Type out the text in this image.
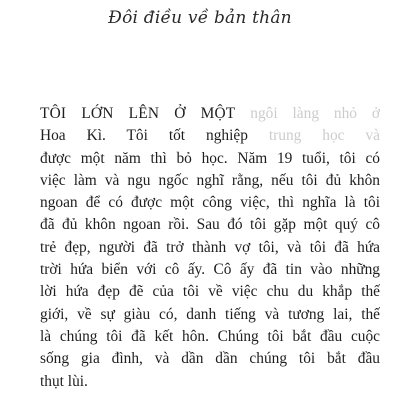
Đôi điều về bản thân
TÔI LỚN LÊN Ở MỘT ngôi làng nhỏ ở
Hoa Kì. Tôi tốt nghiệp trung học và
được một năm thì bỏ học. Năm 19 tuổi, tôi có
việc làm và ngu ngốc nghĩ rằng, nếu tôi đủ khôn
ngoan để có được một công việc, thì nghĩa là tôi
đã đủ khôn ngoan rồi. Sau đó tôi gặp một quý cô
trẻ đẹp, người đã trở thành vợ tôi, và tôi đã hứa
trời hứa biển với cô ấy. Cô ấy đã tin vào những
lời hứa đẹp đẽ của tôi về việc chu du khắp thế
giới, về sự giàu có, danh tiếng và tương lai, thế
là chúng tôi đã kết hôn. Chúng tôi bắt đầu cuộc
sống gia đình, và dần dần chúng tôi bắt đầu
thụt lùi.
